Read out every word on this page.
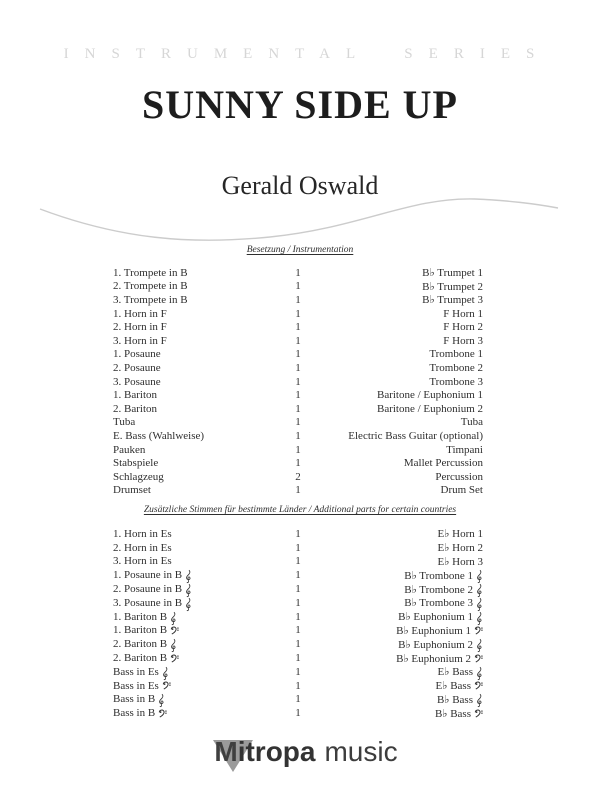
INSTRUMENTAL SERIES
SUNNY SIDE UP
Gerald Oswald
Besetzung / Instrumentation
1. Trompete in B	1	B♭ Trumpet 1
2. Trompete in B	1	B♭ Trumpet 2
3. Trompete in B	1	B♭ Trumpet 3
1. Horn in F	1	F Horn 1
2. Horn in F	1	F Horn 2
3. Horn in F	1	F Horn 3
1. Posaune	1	Trombone 1
2. Posaune	1	Trombone 2
3. Posaune	1	Trombone 3
1. Bariton	1	Baritone / Euphonium 1
2. Bariton	1	Baritone / Euphonium 2
Tuba	1	Tuba
E. Bass (Wahlweise)	1	Electric Bass Guitar (optional)
Pauken	1	Timpani
Stabspiele	1	Mallet Percussion
Schlagzeug	2	Percussion
Drumset	1	Drum Set
Zusätzliche Stimmen für bestimmte Länder / Additional parts for certain countries
1. Horn in Es	1	E♭ Horn 1
2. Horn in Es	1	E♭ Horn 2
3. Horn in Es	1	E♭ Horn 3
1. Posaune in B	1	B♭ Trombone 1
2. Posaune in B	1	B♭ Trombone 2
3. Posaune in B	1	B♭ Trombone 3
1. Bariton B	1	B♭ Euphonium 1
1. Bariton B	1	B♭ Euphonium 1
2. Bariton B	1	B♭ Euphonium 2
2. Bariton B	1	B♭ Euphonium 2
Bass in Es	1	E♭ Bass
Bass in Es	1	E♭ Bass
Bass in B	1	B♭ Bass
Bass in B	1	B♭ Bass
M itropa music
